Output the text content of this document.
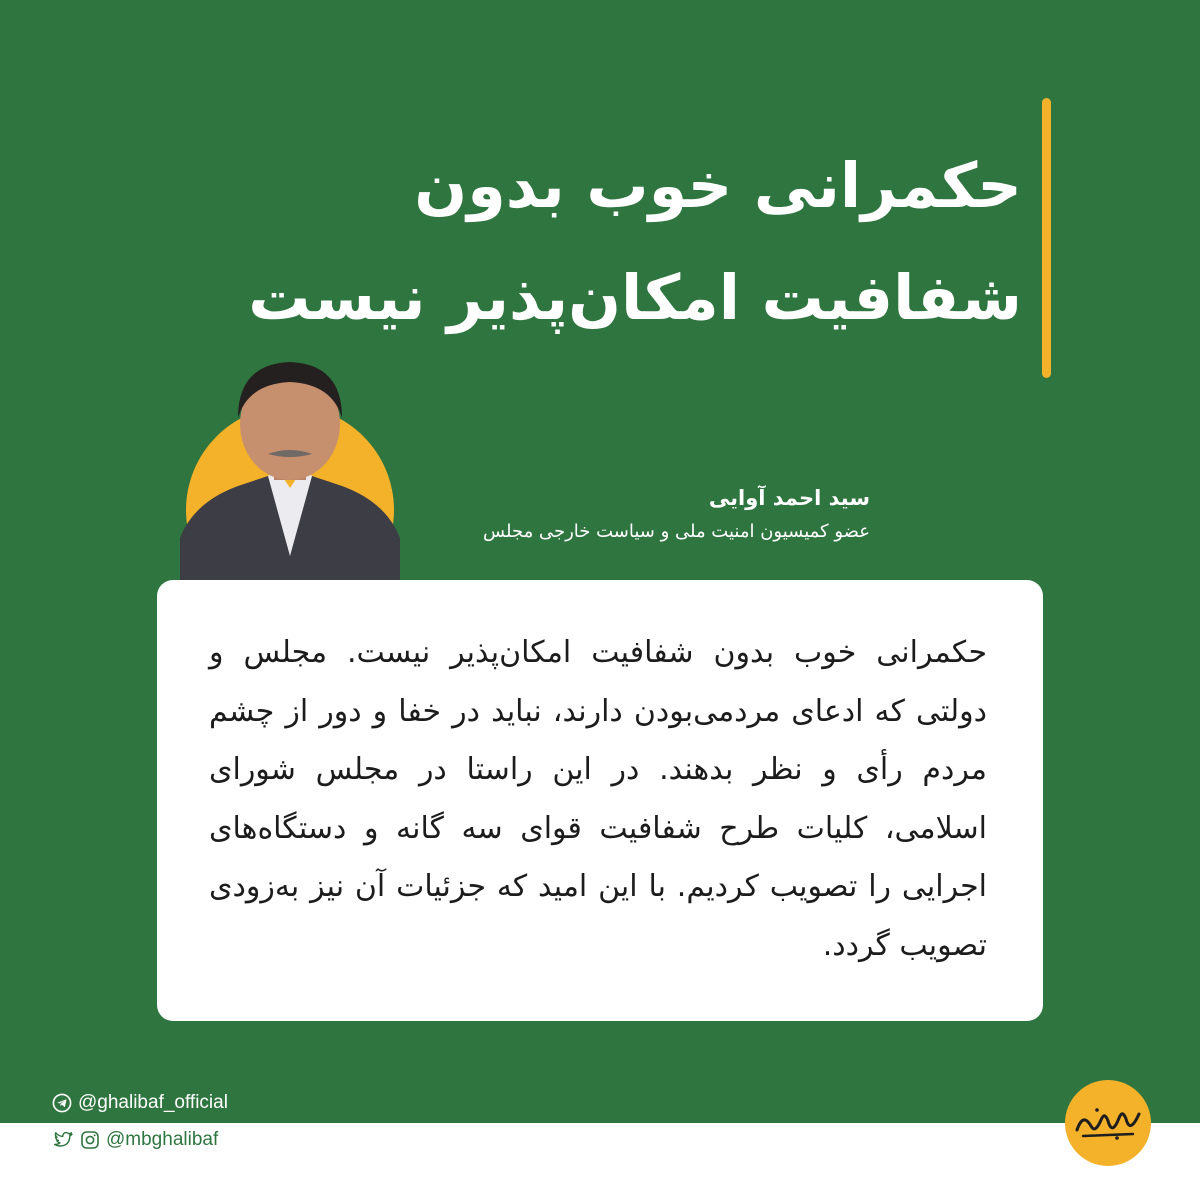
حکمرانی خوب بدون شفافیت امکان‌پذیر نیست
سید احمد آوایی
عضو کمیسیون امنیت ملی و سیاست خارجی مجلس

حکمرانی خوب بدون شفافیت امکان‌پذیر نیست. مجلس و دولتی که ادعای مردمی‌بودن دارند، نباید در خفا و دور از چشم مردم رأی و نظر بدهند. در این راستا در مجلس شورای اسلامی، کلیات طرح شفافیت قوای سه گانه و دستگاه‌های اجرایی را تصویب کردیم. با این امید که جزئیات آن نیز به‌زودی تصویب گردد.

@ghalibaf_official
@mbghalibaf
